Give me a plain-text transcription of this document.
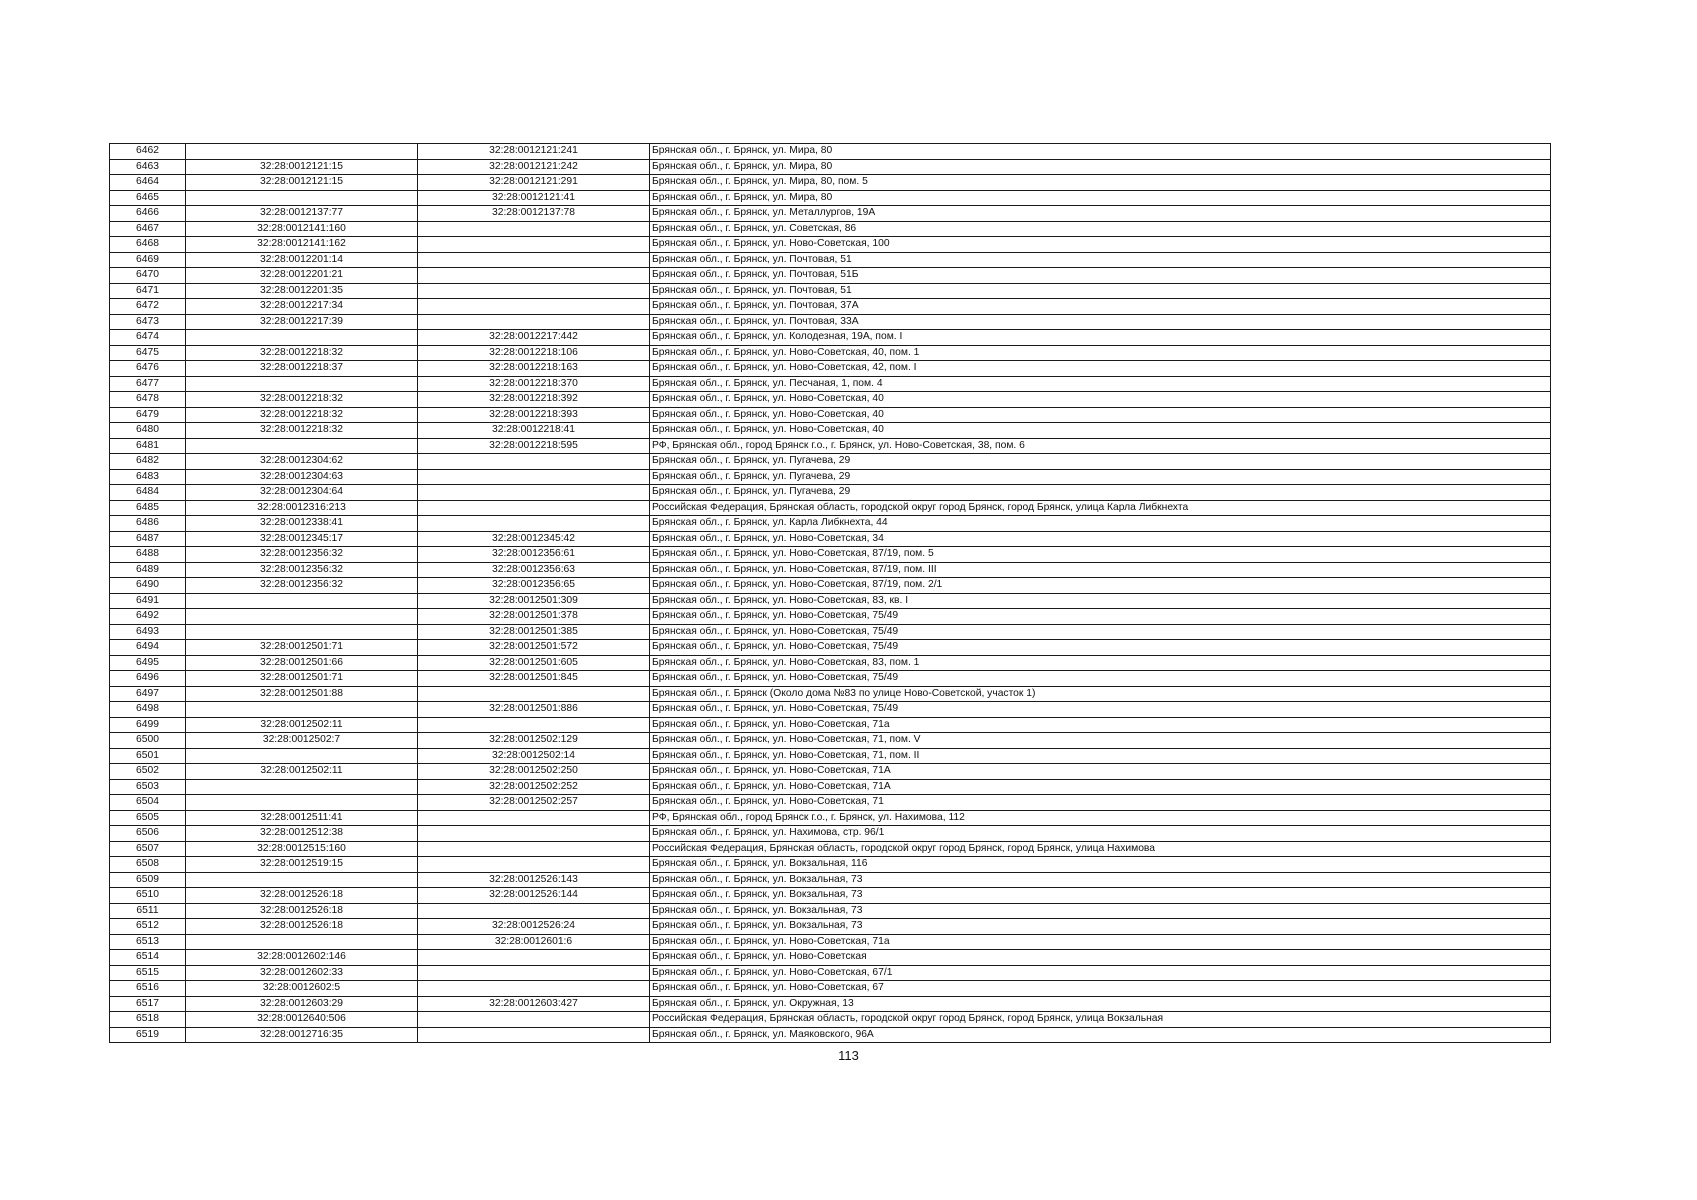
6462		32:28:0012121:241	Брянская обл., г. Брянск, ул. Мира, 80
6463	32:28:0012121:15	32:28:0012121:242	Брянская обл., г. Брянск, ул. Мира, 80
6464	32:28:0012121:15	32:28:0012121:291	Брянская обл., г. Брянск, ул. Мира, 80, пом. 5
6465		32:28:0012121:41	Брянская обл., г. Брянск, ул. Мира, 80
6466	32:28:0012137:77	32:28:0012137:78	Брянская обл., г. Брянск, ул. Металлургов, 19А
6467	32:28:0012141:160		Брянская обл., г. Брянск, ул. Советская, 86
6468	32:28:0012141:162		Брянская обл., г. Брянск, ул. Ново-Советская, 100
6469	32:28:0012201:14		Брянская обл., г. Брянск, ул. Почтовая, 51
6470	32:28:0012201:21		Брянская обл., г. Брянск, ул. Почтовая, 51Б
6471	32:28:0012201:35		Брянская обл., г. Брянск, ул. Почтовая, 51
6472	32:28:0012217:34		Брянская обл., г. Брянск, ул. Почтовая, 37А
6473	32:28:0012217:39		Брянская обл., г. Брянск, ул. Почтовая, 33А
6474		32:28:0012217:442	Брянская обл., г. Брянск, ул. Колодезная, 19А, пом. I
6475	32:28:0012218:32	32:28:0012218:106	Брянская обл., г. Брянск, ул. Ново-Советская, 40, пом. 1
6476	32:28:0012218:37	32:28:0012218:163	Брянская обл., г. Брянск, ул. Ново-Советская, 42, пом. I
6477		32:28:0012218:370	Брянская обл., г. Брянск, ул. Песчаная, 1, пом. 4
6478	32:28:0012218:32	32:28:0012218:392	Брянская обл., г. Брянск, ул. Ново-Советская, 40
6479	32:28:0012218:32	32:28:0012218:393	Брянская обл., г. Брянск, ул. Ново-Советская, 40
6480	32:28:0012218:32	32:28:0012218:41	Брянская обл., г. Брянск, ул. Ново-Советская, 40
6481		32:28:0012218:595	РФ, Брянская обл., город Брянск г.о., г. Брянск, ул. Ново-Советская, 38, пом. 6
6482	32:28:0012304:62		Брянская обл., г. Брянск, ул. Пугачева, 29
6483	32:28:0012304:63		Брянская обл., г. Брянск, ул. Пугачева, 29
6484	32:28:0012304:64		Брянская обл., г. Брянск, ул. Пугачева, 29
6485	32:28:0012316:213		Российская Федерация, Брянская область, городской округ город Брянск, город Брянск, улица Карла Либкнехта
6486	32:28:0012338:41		Брянская обл., г. Брянск, ул. Карла Либкнехта, 44
6487	32:28:0012345:17	32:28:0012345:42	Брянская обл., г. Брянск, ул. Ново-Советская, 34
6488	32:28:0012356:32	32:28:0012356:61	Брянская обл., г. Брянск, ул. Ново-Советская, 87/19, пом. 5
6489	32:28:0012356:32	32:28:0012356:63	Брянская обл., г. Брянск, ул. Ново-Советская, 87/19, пом. III
6490	32:28:0012356:32	32:28:0012356:65	Брянская обл., г. Брянск, ул. Ново-Советская, 87/19, пом. 2/1
6491		32:28:0012501:309	Брянская обл., г. Брянск, ул. Ново-Советская, 83, кв. I
6492		32:28:0012501:378	Брянская обл., г. Брянск, ул. Ново-Советская, 75/49
6493		32:28:0012501:385	Брянская обл., г. Брянск, ул. Ново-Советская, 75/49
6494	32:28:0012501:71	32:28:0012501:572	Брянская обл., г. Брянск, ул. Ново-Советская, 75/49
6495	32:28:0012501:66	32:28:0012501:605	Брянская обл., г. Брянск, ул. Ново-Советская, 83, пом. 1
6496	32:28:0012501:71	32:28:0012501:845	Брянская обл., г. Брянск, ул. Ново-Советская, 75/49
6497	32:28:0012501:88		Брянская обл., г. Брянск (Около дома №83 по улице Ново-Советской, участок 1)
6498		32:28:0012501:886	Брянская обл., г. Брянск, ул. Ново-Советская, 75/49
6499	32:28:0012502:11		Брянская обл., г. Брянск, ул. Ново-Советская, 71а
6500	32:28:0012502:7	32:28:0012502:129	Брянская обл., г. Брянск, ул. Ново-Советская, 71, пом. V
6501		32:28:0012502:14	Брянская обл., г. Брянск, ул. Ново-Советская, 71, пом. II
6502	32:28:0012502:11	32:28:0012502:250	Брянская обл., г. Брянск, ул. Ново-Советская, 71А
6503		32:28:0012502:252	Брянская обл., г. Брянск, ул. Ново-Советская, 71А
6504		32:28:0012502:257	Брянская обл., г. Брянск, ул. Ново-Советская, 71
6505	32:28:0012511:41		РФ, Брянская обл., город Брянск г.о., г. Брянск, ул. Нахимова, 112
6506	32:28:0012512:38		Брянская обл., г. Брянск, ул. Нахимова, стр. 96/1
6507	32:28:0012515:160		Российская Федерация, Брянская область, городской округ город Брянск, город Брянск, улица Нахимова
6508	32:28:0012519:15		Брянская обл., г. Брянск, ул. Вокзальная, 116
6509		32:28:0012526:143	Брянская обл., г. Брянск, ул. Вокзальная, 73
6510	32:28:0012526:18	32:28:0012526:144	Брянская обл., г. Брянск, ул. Вокзальная, 73
6511	32:28:0012526:18		Брянская обл., г. Брянск, ул. Вокзальная, 73
6512	32:28:0012526:18	32:28:0012526:24	Брянская обл., г. Брянск, ул. Вокзальная, 73
6513		32:28:0012601:6	Брянская обл., г. Брянск, ул. Ново-Советская, 71а
6514	32:28:0012602:146		Брянская обл., г. Брянск, ул. Ново-Советская
6515	32:28:0012602:33		Брянская обл., г. Брянск, ул. Ново-Советская, 67/1
6516	32:28:0012602:5		Брянская обл., г. Брянск, ул. Ново-Советская, 67
6517	32:28:0012603:29	32:28:0012603:427	Брянская обл., г. Брянск, ул. Окружная, 13
6518	32:28:0012640:506		Российская Федерация, Брянская область, городской округ город Брянск, город Брянск, улица Вокзальная
6519	32:28:0012716:35		Брянская обл., г. Брянск, ул. Маяковского, 96А
113
